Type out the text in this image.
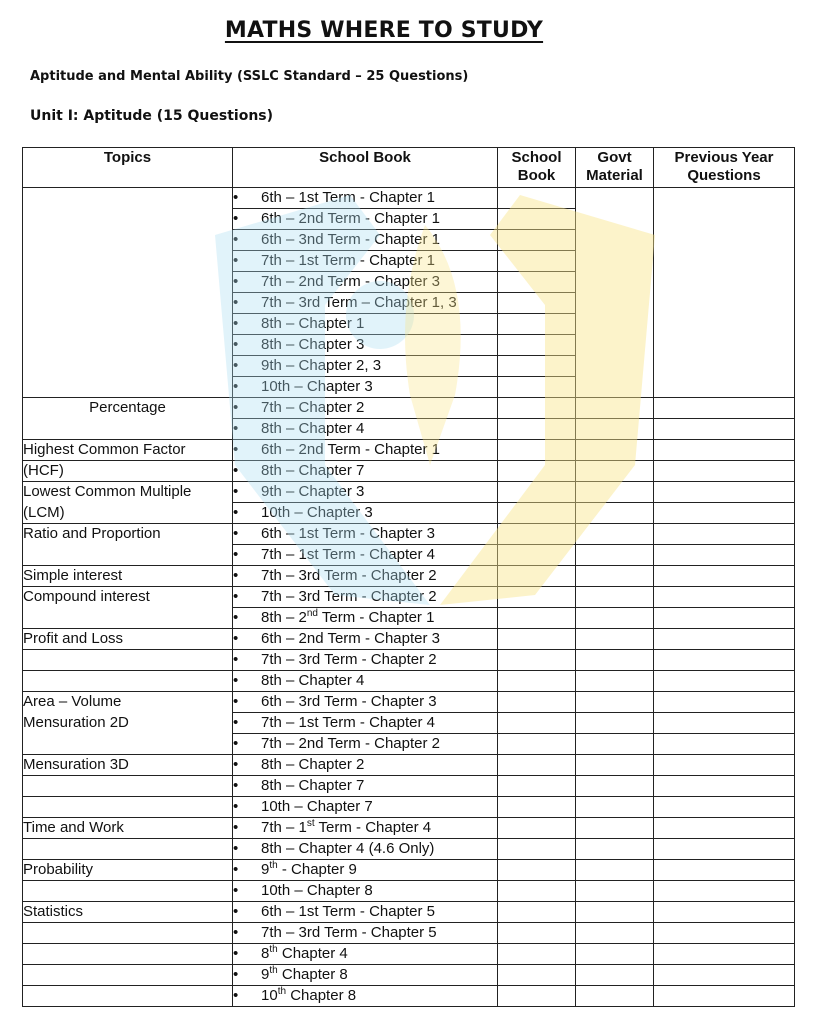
MATHS WHERE TO STUDY
Aptitude and Mental Ability (SSLC Standard – 25 Questions)
Unit I: Aptitude (15 Questions)
Topics	School Book	School Book	Govt Material	Previous Year Questions
	• 6th – 1st Term - Chapter 1			
	• 6th – 2nd Term - Chapter 1			
	• 6th – 3nd Term - Chapter 1			
	• 7th – 1st Term - Chapter 1			
	• 7th – 2nd Term - Chapter 3			
	• 7th – 3rd Term – Chapter 1, 3			
	• 8th – Chapter 1			
	• 8th – Chapter 3			
	• 9th – Chapter 2, 3			
	• 10th – Chapter 3			
Percentage	• 7th – Chapter 2			
	• 8th – Chapter 4			
Highest Common Factor	• 6th – 2nd Term - Chapter 1			
(HCF)	• 8th – Chapter 7			
Lowest Common Multiple	• 9th – Chapter 3			
(LCM)	• 10th – Chapter 3			
Ratio and Proportion	• 6th – 1st Term - Chapter 3			
	• 7th – 1st Term - Chapter 4			
Simple interest	• 7th – 3rd Term - Chapter 2			
Compound interest	• 7th – 3rd Term - Chapter 2			
	• 8th – 2nd Term - Chapter 1			
Profit and Loss	• 6th – 2nd Term - Chapter 3			
	• 7th – 3rd Term - Chapter 2			
	• 8th – Chapter 4			
Area – Volume	• 6th – 3rd Term - Chapter 3			
Mensuration 2D	• 7th – 1st Term - Chapter 4			
	• 7th – 2nd Term - Chapter 2			
Mensuration 3D	• 8th – Chapter 2			
	• 8th – Chapter 7			
	• 10th – Chapter 7			
Time and Work	• 7th – 1st Term - Chapter 4			
	• 8th – Chapter 4 (4.6 Only)			
Probability	• 9th - Chapter 9			
	• 10th – Chapter 8			
Statistics	• 6th – 1st Term - Chapter 5			
	• 7th – 3rd Term - Chapter 5			
	• 8th Chapter 4			
	• 9th Chapter 8			
	• 10th Chapter 8			
